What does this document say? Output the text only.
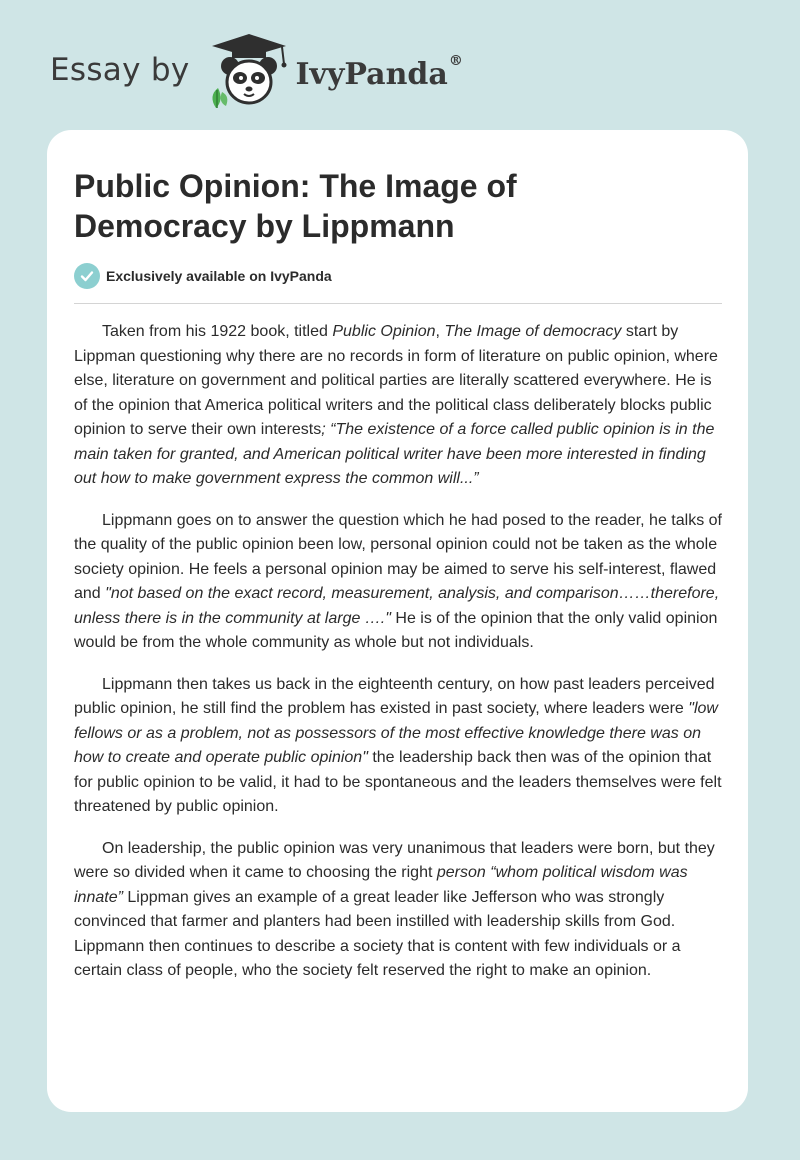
Essay by	IvyPanda®
Public Opinion: The Image of Democracy by Lippmann
Exclusively available on IvyPanda

Taken from his 1922 book, titled Public Opinion, The Image of democracy start by Lippman questioning why there are no records in form of literature on public opinion, where else, literature on government and political parties are literally scattered everywhere. He is of the opinion that America political writers and the political class deliberately blocks public opinion to serve their own interests; “The existence of a force called public opinion is in the main taken for granted, and American political writer have been more interested in finding out how to make government express the common will...”

Lippmann goes on to answer the question which he had posed to the reader, he talks of the quality of the public opinion been low, personal opinion could not be taken as the whole society opinion. He feels a personal opinion may be aimed to serve his self-interest, flawed and "not based on the exact record, measurement, analysis, and comparison……therefore, unless there is in the community at large …." He is of the opinion that the only valid opinion would be from the whole community as whole but not individuals.

Lippmann then takes us back in the eighteenth century, on how past leaders perceived public opinion, he still find the problem has existed in past society, where leaders were "low fellows or as a problem, not as possessors of the most effective knowledge there was on how to create and operate public opinion" the leadership back then was of the opinion that for public opinion to be valid, it had to be spontaneous and the leaders themselves were felt threatened by public opinion.

On leadership, the public opinion was very unanimous that leaders were born, but they were so divided when it came to choosing the right person “whom political wisdom was innate” Lippman gives an example of a great leader like Jefferson who was strongly convinced that farmer and planters had been instilled with leadership skills from God. Lippmann then continues to describe a society that is content with few individuals or a certain class of people, who the society felt reserved the right to make an opinion.
